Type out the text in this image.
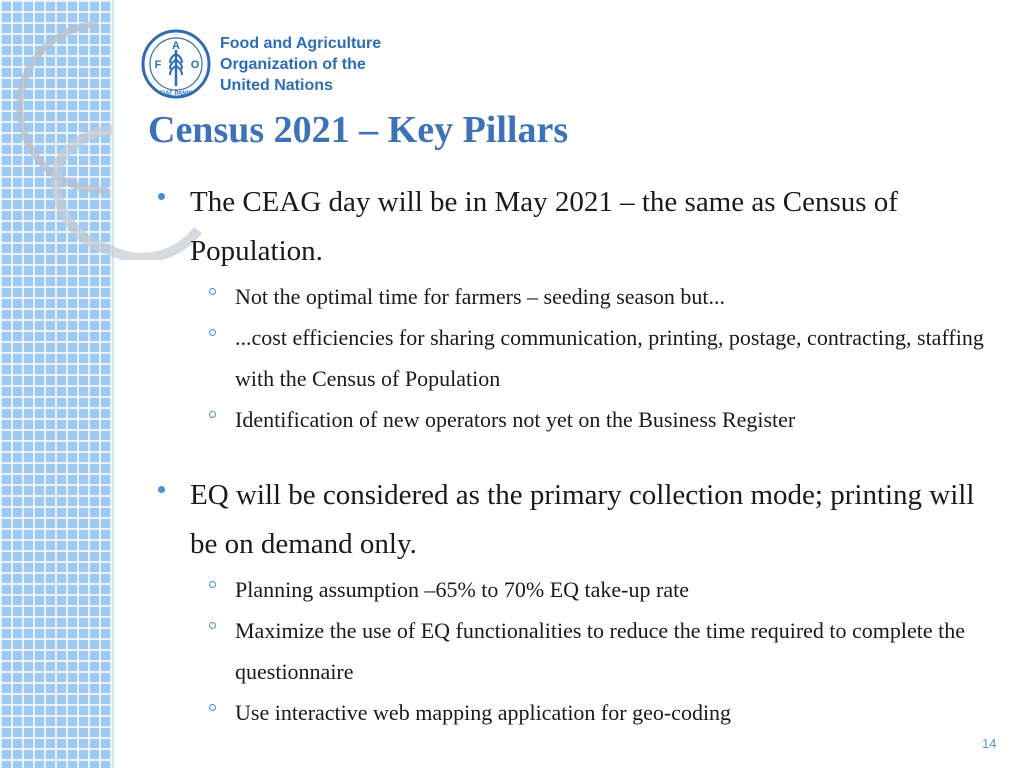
A
F	O
FIAT PANIS
Food and Agriculture
Organization of the
United Nations
Census 2021 – Key Pillars
The CEAG day will be in May 2021 – the same as Census of Population.
Not the optimal time for farmers – seeding season but...
...cost efficiencies for sharing communication, printing, postage, contracting, staffing with the Census of Population
Identification of new operators not yet on the Business Register
EQ will be considered as the primary collection mode; printing will be on demand only.
Planning assumption –65% to 70% EQ take-up rate
Maximize the use of EQ functionalities to reduce the time required to complete the questionnaire
Use interactive web mapping application for geo-coding
14
